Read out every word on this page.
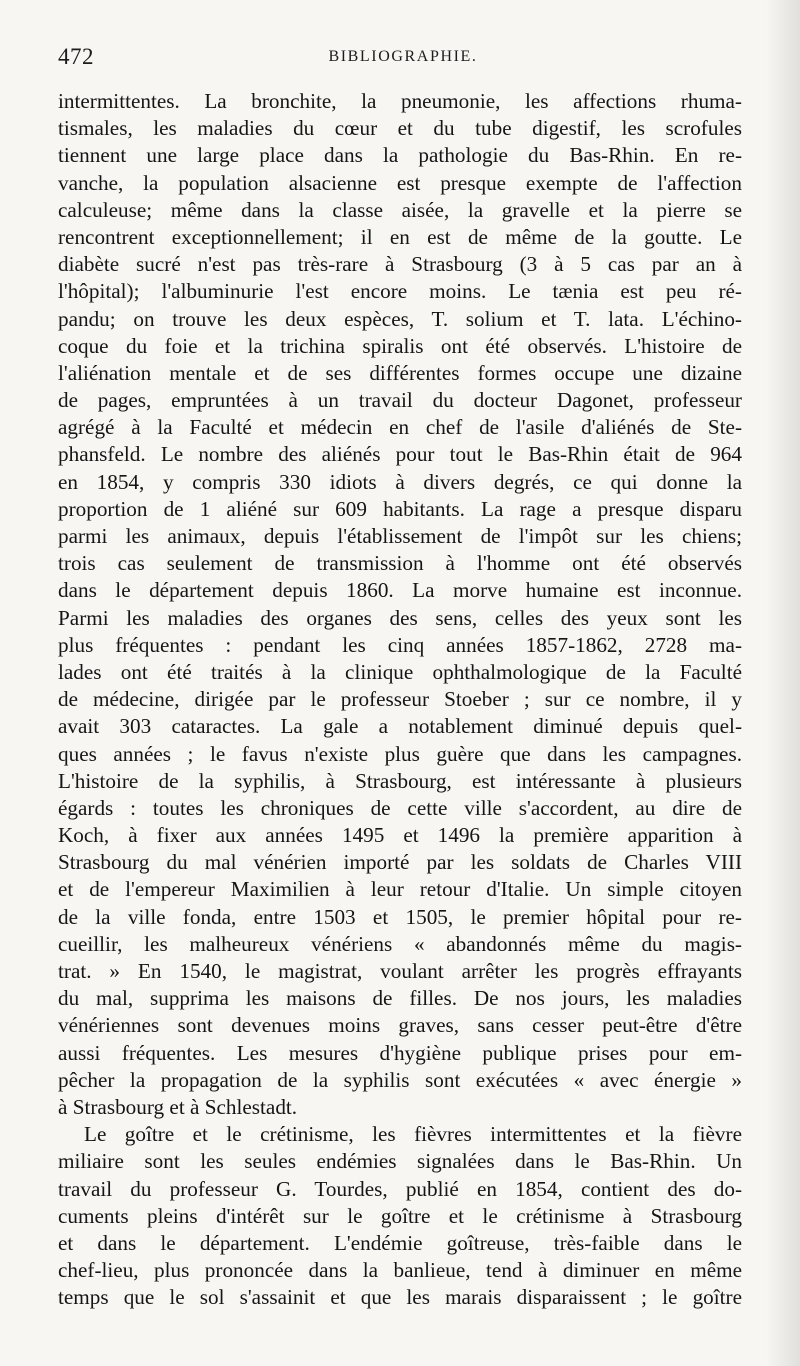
472	BIBLIOGRAPHIE.
intermittentes. La bronchite, la pneumonie, les affections rhuma-
tismales, les maladies du cœur et du tube digestif, les scrofules
tiennent une large place dans la pathologie du Bas-Rhin. En re-
vanche, la population alsacienne est presque exempte de l'affection
calculeuse; même dans la classe aisée, la gravelle et la pierre se
rencontrent exceptionnellement; il en est de même de la goutte. Le
diabète sucré n'est pas très-rare à Strasbourg (3 à 5 cas par an à
l'hôpital); l'albuminurie l'est encore moins. Le tænia est peu ré-
pandu; on trouve les deux espèces, T. solium et T. lata. L'échino-
coque du foie et la trichina spiralis ont été observés. L'histoire de
l'aliénation mentale et de ses différentes formes occupe une dizaine
de pages, empruntées à un travail du docteur Dagonet, professeur
agrégé à la Faculté et médecin en chef de l'asile d'aliénés de Ste-
phansfeld. Le nombre des aliénés pour tout le Bas-Rhin était de 964
en 1854, y compris 330 idiots à divers degrés, ce qui donne la
proportion de 1 aliéné sur 609 habitants. La rage a presque disparu
parmi les animaux, depuis l'établissement de l'impôt sur les chiens;
trois cas seulement de transmission à l'homme ont été observés
dans le département depuis 1860. La morve humaine est inconnue.
Parmi les maladies des organes des sens, celles des yeux sont les
plus fréquentes : pendant les cinq années 1857-1862, 2728 ma-
lades ont été traités à la clinique ophthalmologique de la Faculté
de médecine, dirigée par le professeur Stoeber ; sur ce nombre, il y
avait 303 cataractes. La gale a notablement diminué depuis quel-
ques années ; le favus n'existe plus guère que dans les campagnes.
L'histoire de la syphilis, à Strasbourg, est intéressante à plusieurs
égards : toutes les chroniques de cette ville s'accordent, au dire de
Koch, à fixer aux années 1495 et 1496 la première apparition à
Strasbourg du mal vénérien importé par les soldats de Charles VIII
et de l'empereur Maximilien à leur retour d'Italie. Un simple citoyen
de la ville fonda, entre 1503 et 1505, le premier hôpital pour re-
cueillir, les malheureux vénériens « abandonnés même du magis-
trat. » En 1540, le magistrat, voulant arrêter les progrès effrayants
du mal, supprima les maisons de filles. De nos jours, les maladies
vénériennes sont devenues moins graves, sans cesser peut-être d'être
aussi fréquentes. Les mesures d'hygiène publique prises pour em-
pêcher la propagation de la syphilis sont exécutées « avec énergie »
à Strasbourg et à Schlestadt.
Le goître et le crétinisme, les fièvres intermittentes et la fièvre
miliaire sont les seules endémies signalées dans le Bas-Rhin. Un
travail du professeur G. Tourdes, publié en 1854, contient des do-
cuments pleins d'intérêt sur le goître et le crétinisme à Strasbourg
et dans le département. L'endémie goîtreuse, très-faible dans le
chef-lieu, plus prononcée dans la banlieue, tend à diminuer en même
temps que le sol s'assainit et que les marais disparaissent ; le goître
